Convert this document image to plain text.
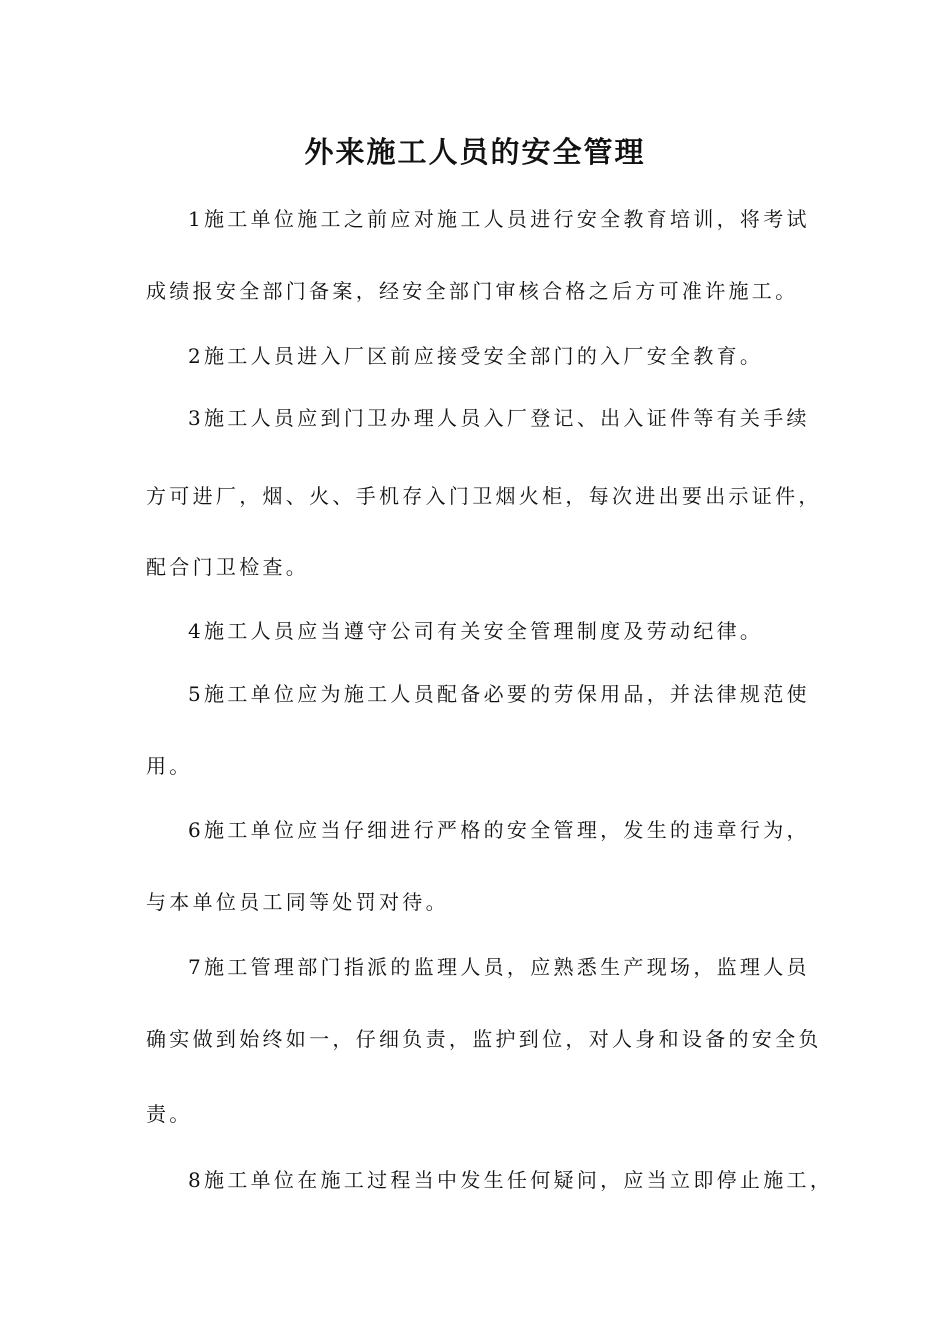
外来施工人员的安全管理
1施工单位施工之前应对施工人员进行安全教育培训，将考试
成绩报安全部门备案，经安全部门审核合格之后方可准许施工。
2施工人员进入厂区前应接受安全部门的入厂安全教育。
3施工人员应到门卫办理人员入厂登记、出入证件等有关手续
方可进厂，烟、火、手机存入门卫烟火柜，每次进出要出示证件，
配合门卫检查。
4施工人员应当遵守公司有关安全管理制度及劳动纪律。
5施工单位应为施工人员配备必要的劳保用品，并法律规范使
用。
6施工单位应当仔细进行严格的安全管理，发生的违章行为，
与本单位员工同等处罚对待。
7施工管理部门指派的监理人员，应熟悉生产现场，监理人员
确实做到始终如一，仔细负责，监护到位，对人身和设备的安全负
责。
8施工单位在施工过程当中发生任何疑问，应当立即停止施工，
